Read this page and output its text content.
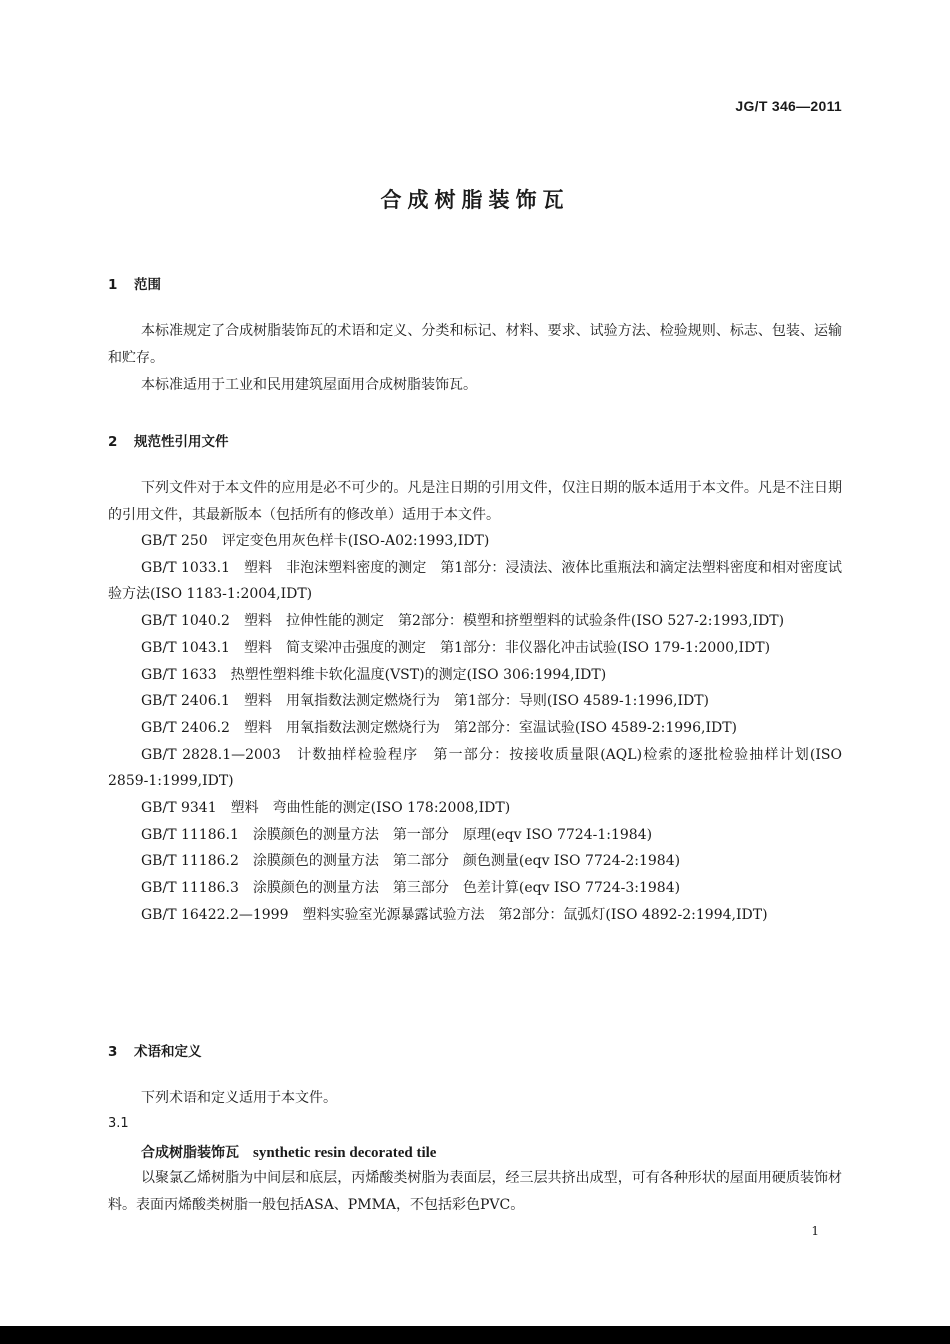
JG/T 346—2011
合成树脂装饰瓦
1 范围

本标准规定了合成树脂装饰瓦的术语和定义、分类和标记、材料、要求、试验方法、检验规则、标志、包装、运输和贮存。

本标准适用于工业和民用建筑屋面用合成树脂装饰瓦。

2 规范性引用文件

下列文件对于本文件的应用是必不可少的。凡是注日期的引用文件，仅注日期的版本适用于本文件。凡是不注日期的引用文件，其最新版本（包括所有的修改单）适用于本文件。

GB/T 250　评定变色用灰色样卡(ISO-A02:1993,IDT)
GB/T 1033.1　塑料　非泡沫塑料密度的测定　第1部分：浸渍法、液体比重瓶法和滴定法塑料密度和相对密度试验方法(ISO 1183-1:2004,IDT)
GB/T 1040.2　塑料　拉伸性能的测定　第2部分：模塑和挤塑塑料的试验条件(ISO 527-2:1993,IDT)
GB/T 1043.1　塑料　简支梁冲击强度的测定　第1部分：非仪器化冲击试验(ISO 179-1:2000,IDT)
GB/T 1633　热塑性塑料维卡软化温度(VST)的测定(ISO 306:1994,IDT)
GB/T 2406.1　塑料　用氧指数法测定燃烧行为　第1部分：导则(ISO 4589-1:1996,IDT)
GB/T 2406.2　塑料　用氧指数法测定燃烧行为　第2部分：室温试验(ISO 4589-2:1996,IDT)
GB/T 2828.1—2003　计数抽样检验程序　第一部分：按接收质量限(AQL)检索的逐批检验抽样计划(ISO 2859-1:1999,IDT)
GB/T 9341　塑料　弯曲性能的测定(ISO 178:2008,IDT)
GB/T 11186.1　涂膜颜色的测量方法　第一部分　原理(eqv ISO 7724-1:1984)
GB/T 11186.2　涂膜颜色的测量方法　第二部分　颜色测量(eqv ISO 7724-2:1984)
GB/T 11186.3　涂膜颜色的测量方法　第三部分　色差计算(eqv ISO 7724-3:1984)
GB/T 16422.2—1999　塑料实验室光源暴露试验方法　第2部分：氙弧灯(ISO 4892-2:1994,IDT)
3 术语和定义

下列术语和定义适用于本文件。

3.1
合成树脂装饰瓦 synthetic resin decorated tile

以聚氯乙烯树脂为中间层和底层，丙烯酸类树脂为表面层，经三层共挤出成型，可有各种形状的屋面用硬质装饰材料。表面丙烯酸类树脂一般包括ASA、PMMA，不包括彩色PVC。

1
